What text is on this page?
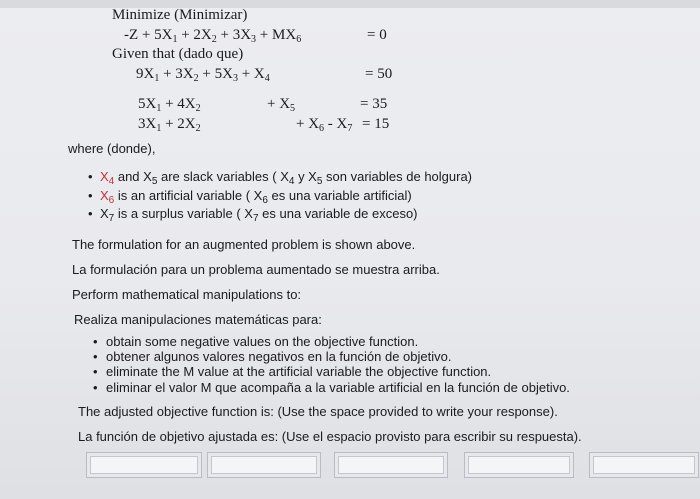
Minimize (Minimizar)
$-Z + 5X_1 + 2X_2 + 3X_3 + MX_6$	= 0
Given that (dado que)
$9X_1 + 3X_2 + 5X_3 + X_4$	= 50
$5X_1 + 4X_2$	+ $X_5$	= 35
$3X_1 + 2X_2$	+ $X_6 - X_7 = 15$
where (donde),
• $X_4$ and $X_5$ are slack variables ( $X_4$ y $X_5$ son variables de holgura)
• $X_6$ is an artificial variable ( $X_6$ es una variable artificial)
• $X_7$ is a surplus variable ( $X_7$ es una variable de exceso)
The formulation for an augmented problem is shown above.
La formulación para un problema aumentado se muestra arriba.
Perform mathematical manipulations to:
Realiza manipulaciones matemáticas para:
• obtain some negative values on the objective function.
• obtener algunos valores negativos en la función de objetivo.
• eliminate the M value at the artificial variable the objective function.
• eliminar el valor M que acompaña a la variable artificial en la función de objetivo.
The adjusted objective function is: (Use the space provided to write your response).
La función de objetivo ajustada es: (Use el espacio provisto para escribir su respuesta).
